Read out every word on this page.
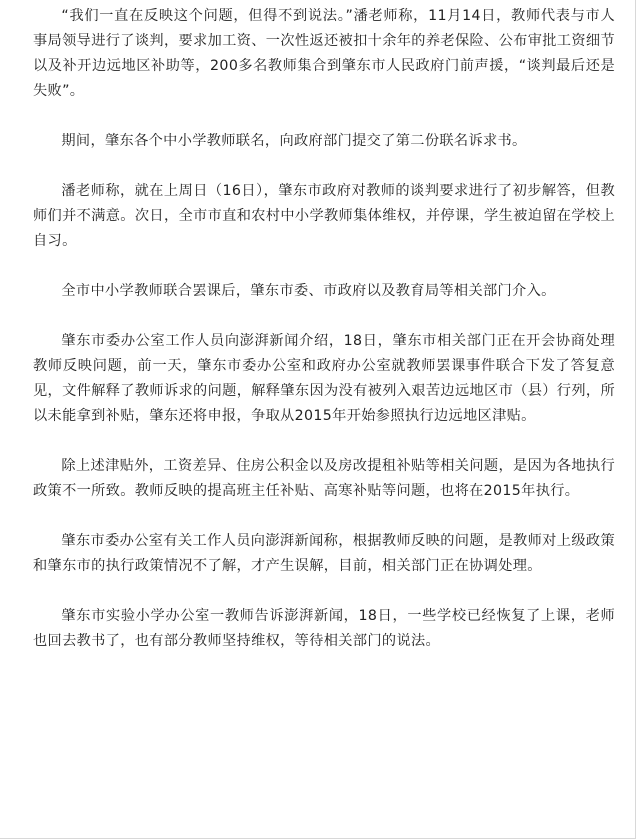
“我们一直在反映这个问题，但得不到说法。”潘老师称，11月14日，教师代表与市人事局领导进行了谈判，要求加工资、一次性返还被扣十余年的养老保险、公布审批工资细节以及补开边远地区补助等，200多名教师集合到肇东市人民政府门前声援，“谈判最后还是失败”。

期间，肇东各个中小学教师联名，向政府部门提交了第二份联名诉求书。

潘老师称，就在上周日（16日），肇东市政府对教师的谈判要求进行了初步解答，但教师们并不满意。次日，全市市直和农村中小学教师集体维权，并停课，学生被迫留在学校上自习。

全市中小学教师联合罢课后，肇东市委、市政府以及教育局等相关部门介入。

肇东市委办公室工作人员向澎湃新闻介绍，18日，肇东市相关部门正在开会协商处理教师反映问题，前一天，肇东市委办公室和政府办公室就教师罢课事件联合下发了答复意见，文件解释了教师诉求的问题，解释肇东因为没有被列入艰苦边远地区市（县）行列，所以未能拿到补贴，肇东还将申报，争取从2015年开始参照执行边远地区津贴。

除上述津贴外，工资差异、住房公积金以及房改提租补贴等相关问题，是因为各地执行政策不一所致。教师反映的提高班主任补贴、高寒补贴等问题，也将在2015年执行。

肇东市委办公室有关工作人员向澎湃新闻称，根据教师反映的问题，是教师对上级政策和肇东市的执行政策情况不了解，才产生误解，目前，相关部门正在协调处理。

肇东市实验小学办公室一教师告诉澎湃新闻，18日，一些学校已经恢复了上课，老师也回去教书了，也有部分教师坚持维权，等待相关部门的说法。
